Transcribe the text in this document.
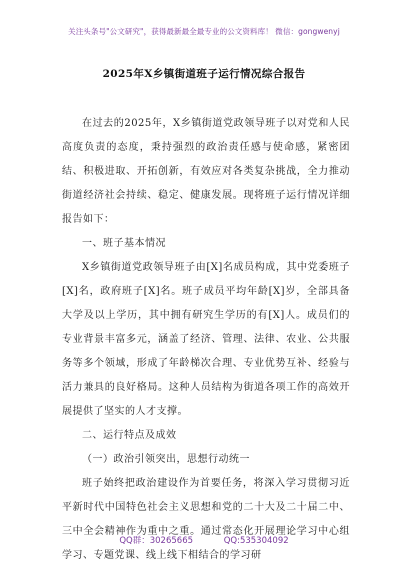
关注头条号"公文研究"，获得最新最全最专业的公文资料库！ 微信：gongwenyj
2025年X乡镇街道班子运行情况综合报告

在过去的2025年，X乡镇街道党政领导班子以对党和人民高度负责的态度，秉持强烈的政治责任感与使命感，紧密团结、积极进取、开拓创新，有效应对各类复杂挑战，全力推动街道经济社会持续、稳定、健康发展。现将班子运行情况详细报告如下：

一、班子基本情况

X乡镇街道党政领导班子由[X]名成员构成，其中党委班子[X]名，政府班子[X]名。班子成员平均年龄[X]岁，全部具备大学及以上学历，其中拥有研究生学历的有[X]人。成员们的专业背景丰富多元，涵盖了经济、管理、法律、农业、公共服务等多个领域，形成了年龄梯次合理、专业优势互补、经验与活力兼具的良好格局。这种人员结构为街道各项工作的高效开展提供了坚实的人才支撑。

二、运行特点及成效

（一）政治引领突出，思想行动统一

班子始终把政治建设作为首要任务，将深入学习贯彻习近平新时代中国特色社会主义思想和党的二十大及二十届二中、三中全会精神作为重中之重。通过常态化开展理论学习中心组学习、专题党课、线上线下相结合的学习研

QQ群：30265665	QQ:535304092
